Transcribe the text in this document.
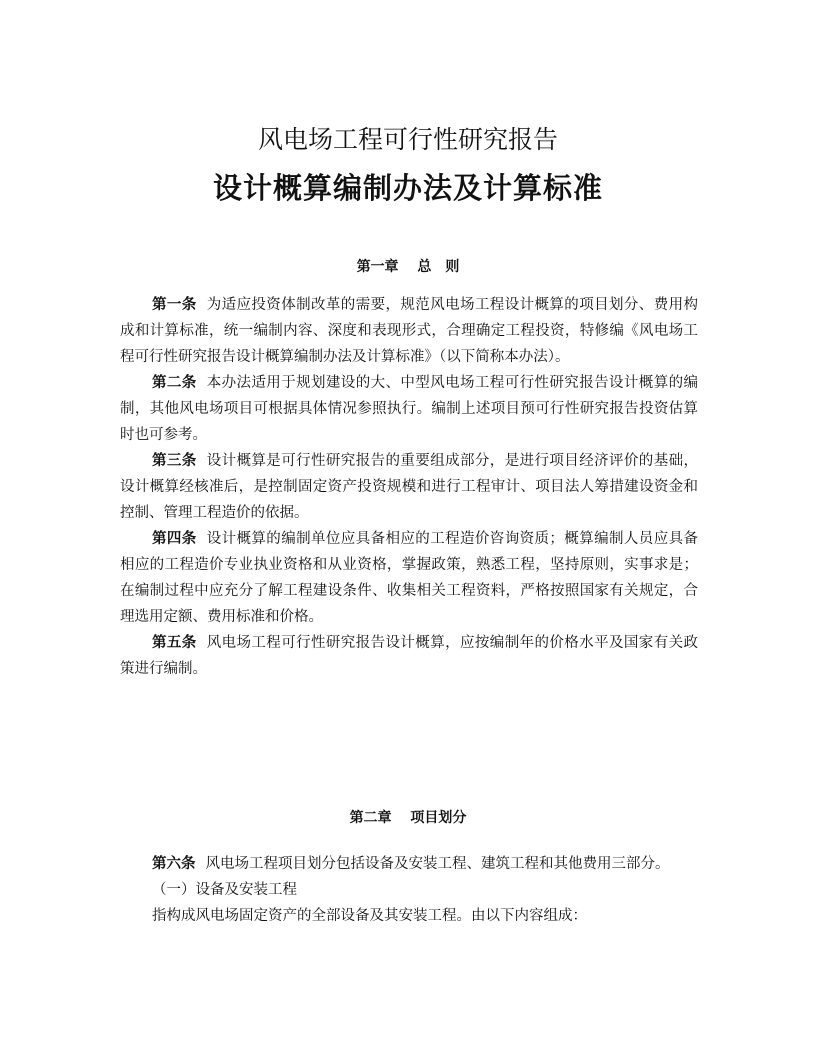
风电场工程可行性研究报告
设计概算编制办法及计算标准
第一章　 总　则

第一条 为适应投资体制改革的需要，规范风电场工程设计概算的项目划分、费用构成和计算标准，统一编制内容、深度和表现形式，合理确定工程投资，特修编《风电场工程可行性研究报告设计概算编制办法及计算标准》（以下简称本办法）。

第二条 本办法适用于规划建设的大、中型风电场工程可行性研究报告设计概算的编制，其他风电场项目可根据具体情况参照执行。编制上述项目预可行性研究报告投资估算时也可参考。

第三条 设计概算是可行性研究报告的重要组成部分，是进行项目经济评价的基础，设计概算经核准后，是控制固定资产投资规模和进行工程审计、项目法人筹措建设资金和控制、管理工程造价的依据。

第四条 设计概算的编制单位应具备相应的工程造价咨询资质；概算编制人员应具备相应的工程造价专业执业资格和从业资格，掌握政策，熟悉工程，坚持原则，实事求是；在编制过程中应充分了解工程建设条件、收集相关工程资料，严格按照国家有关规定，合理选用定额、费用标准和价格。

第五条 风电场工程可行性研究报告设计概算，应按编制年的价格水平及国家有关政策进行编制。

第二章　 项目划分

第六条 风电场工程项目划分包括设备及安装工程、建筑工程和其他费用三部分。

（一）设备及安装工程

指构成风电场固定资产的全部设备及其安装工程。由以下内容组成：
